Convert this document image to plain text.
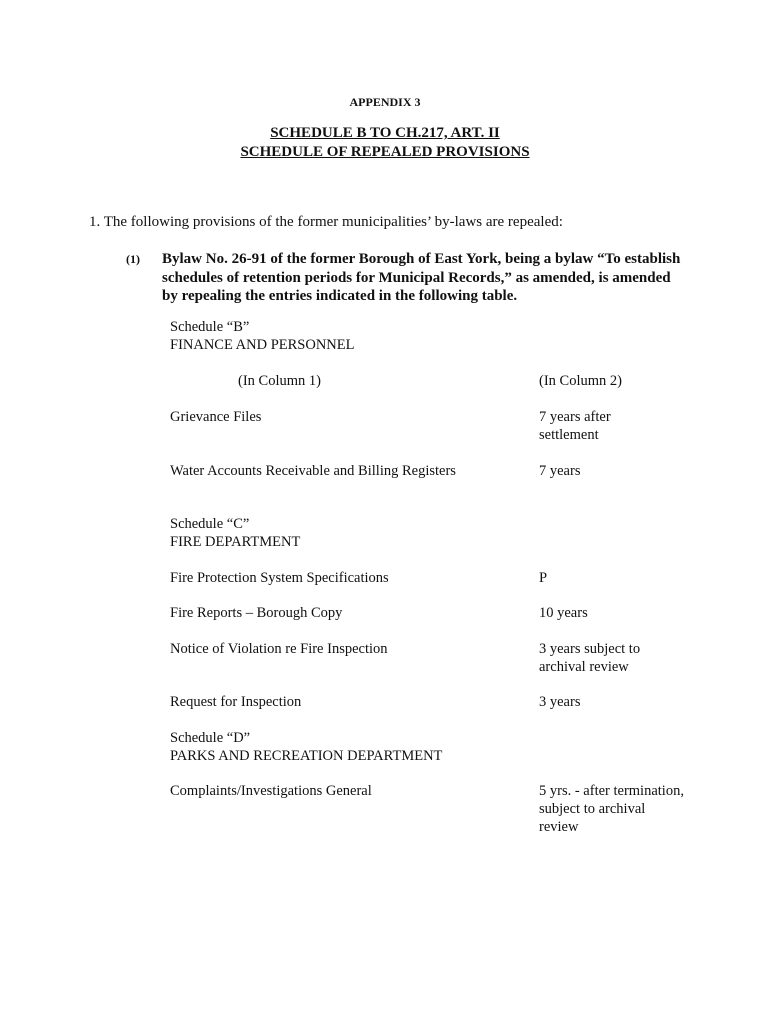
APPENDIX 3
SCHEDULE B TO CH.217, ART. II
SCHEDULE OF REPEALED PROVISIONS
1. The following provisions of the former municipalities’ by-laws are repealed:
(1) Bylaw No. 26-91 of the former Borough of East York, being a bylaw “To establish schedules of retention periods for Municipal Records,” as amended, is amended by repealing the entries indicated in the following table.
Schedule “B”
FINANCE AND PERSONNEL
(In Column 1)	(In Column 2)
Grievance Files	7 years after settlement
Water Accounts Receivable and Billing Registers	7 years
Schedule “C”
FIRE DEPARTMENT
Fire Protection System Specifications	P
Fire Reports – Borough Copy	10 years
Notice of Violation re Fire Inspection	3 years subject to archival review
Request for Inspection	3 years
Schedule “D”
PARKS AND RECREATION DEPARTMENT
Complaints/Investigations General	5 yrs. - after termination, subject to archival review
